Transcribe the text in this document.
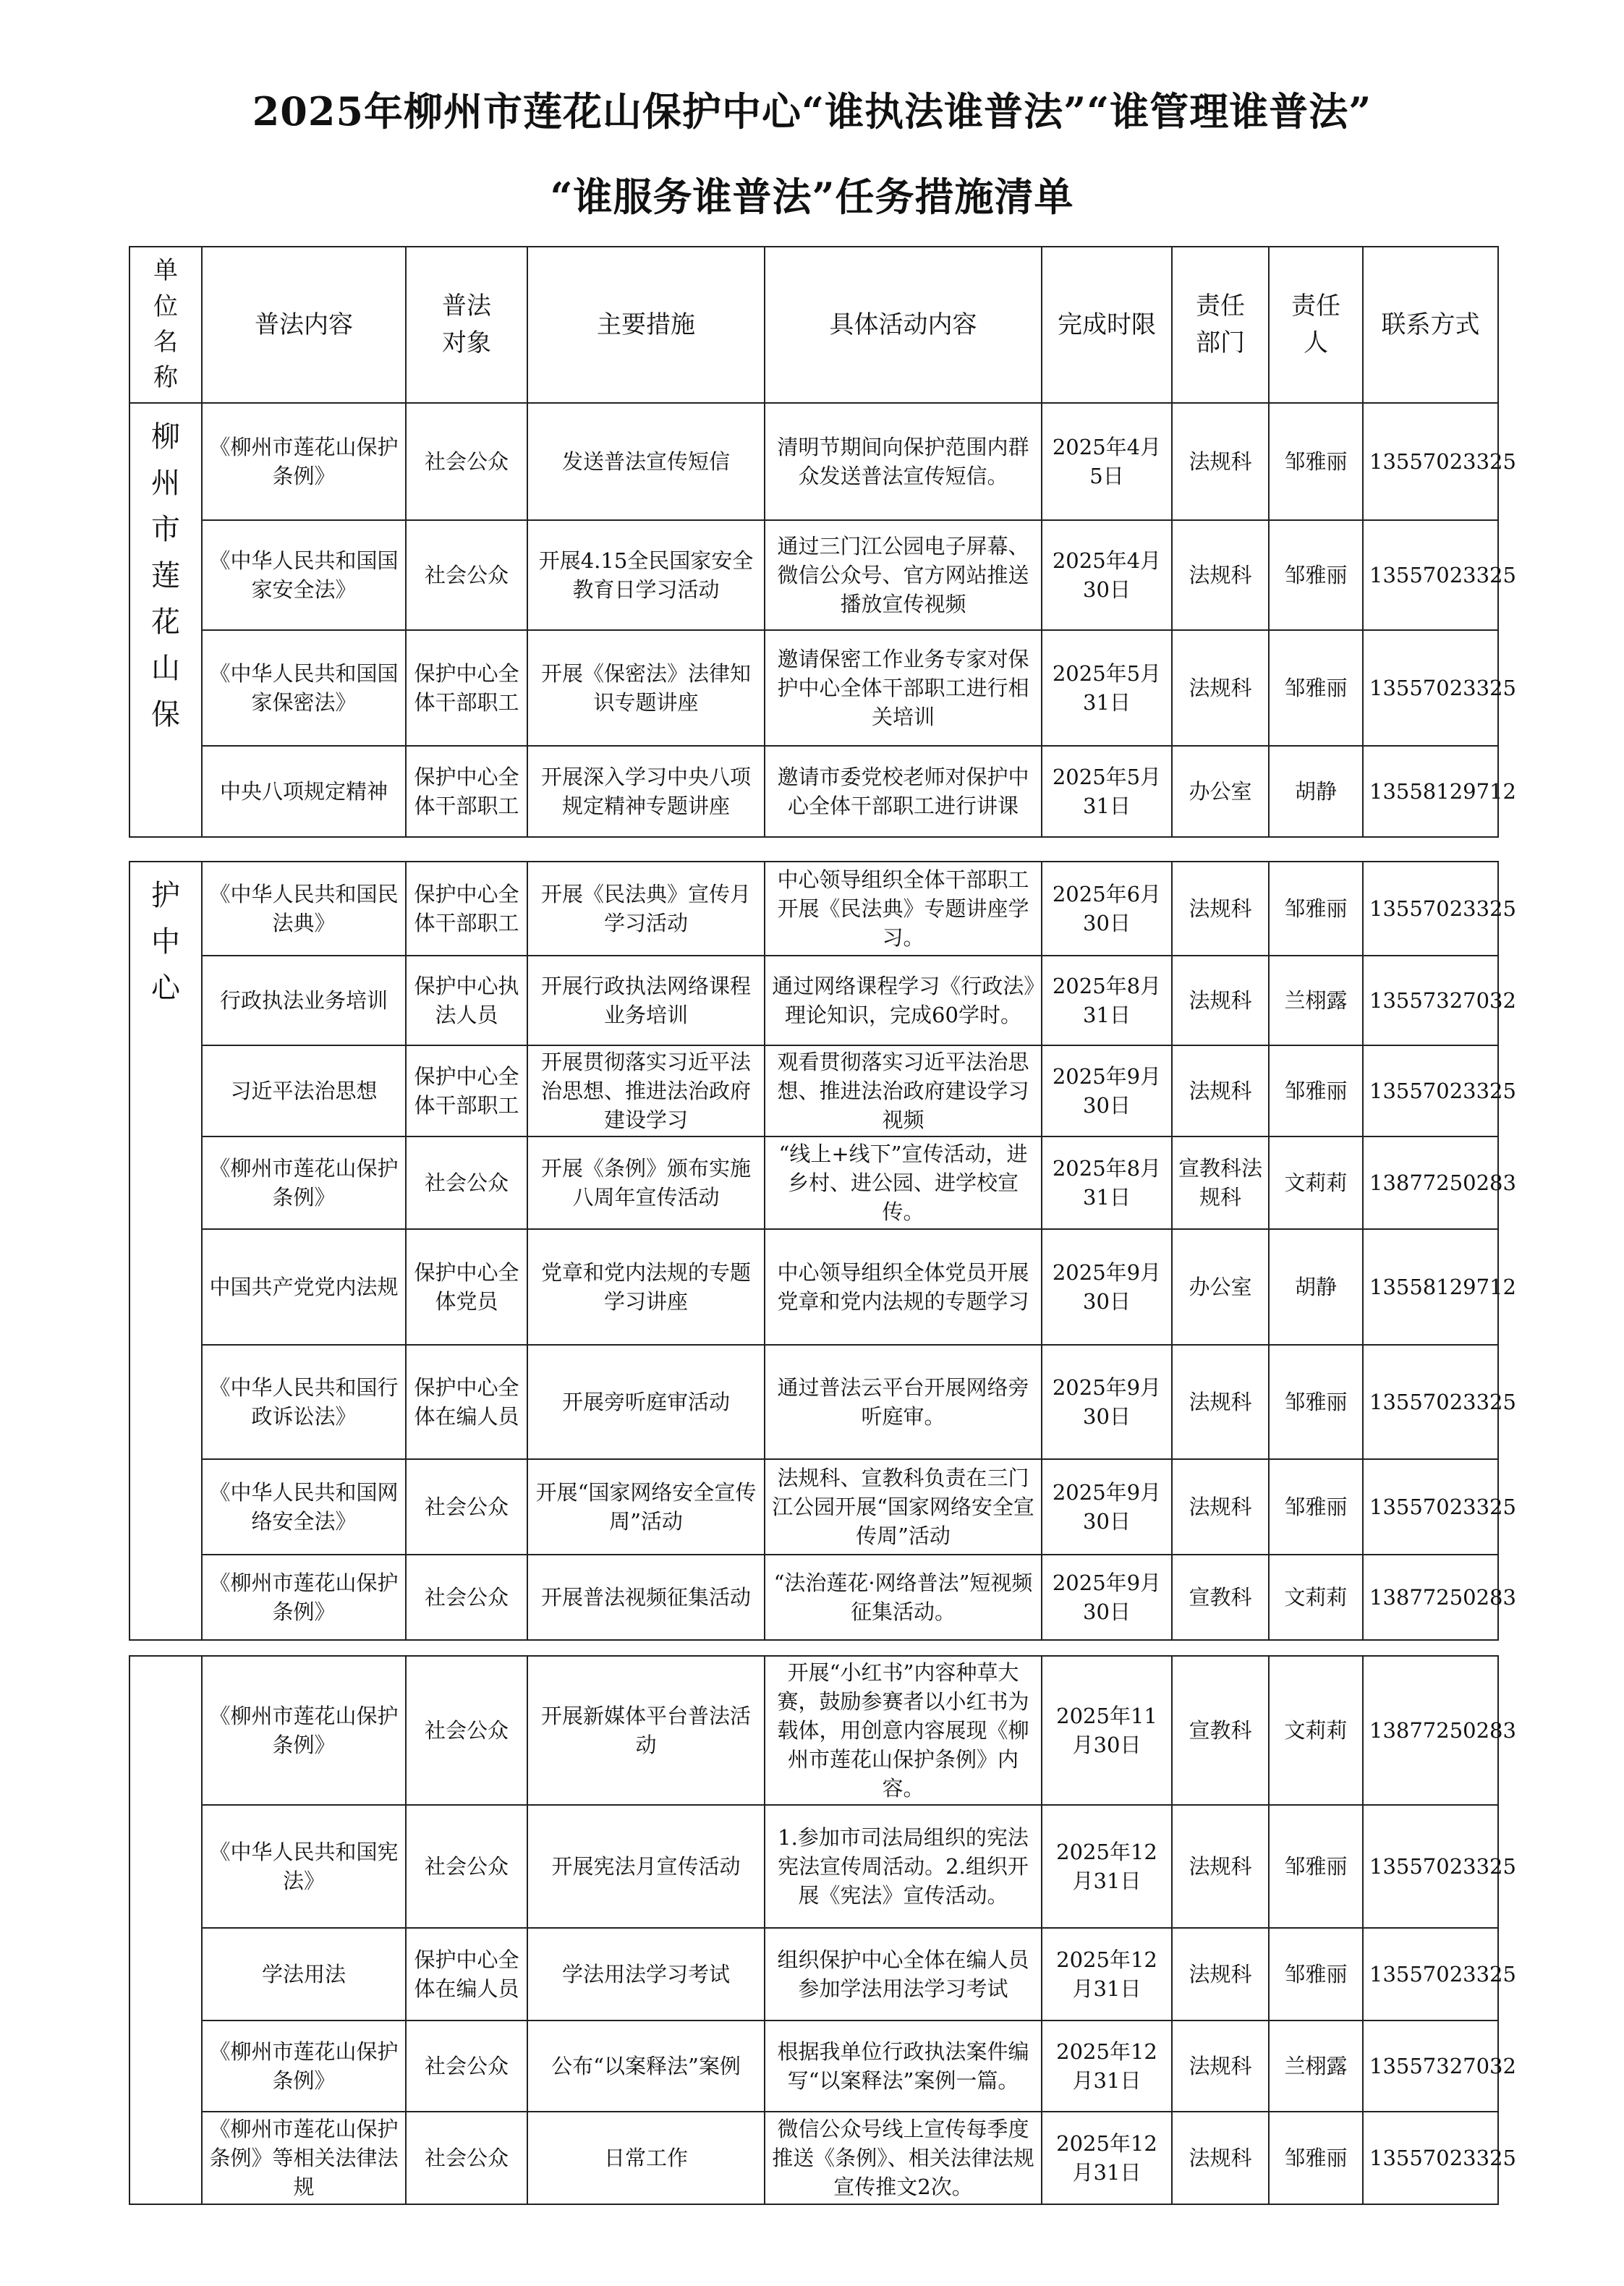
2025年柳州市莲花山保护中心“谁执法谁普法”“谁管理谁普法”
“谁服务谁普法”任务措施清单
单位名称	普法内容	普法对象	主要措施	具体活动内容	完成时限	责任部门	责任人	联系方式
柳州市莲花山保	《柳州市莲花山保护条例》	社会公众	发送普法宣传短信	清明节期间向保护范围内群众发送普法宣传短信。	2025年4月5日	法规科	邹雅丽	13557023325
	《中华人民共和国国家安全法》	社会公众	开展4.15全民国家安全教育日学习活动	通过三门江公园电子屏幕、微信公众号、官方网站推送播放宣传视频	2025年4月30日	法规科	邹雅丽	13557023325
	《中华人民共和国国家保密法》	保护中心全体干部职工	开展《保密法》法律知识专题讲座	邀请保密工作业务专家对保护中心全体干部职工进行相关培训	2025年5月31日	法规科	邹雅丽	13557023325
	中央八项规定精神	保护中心全体干部职工	开展深入学习中央八项规定精神专题讲座	邀请市委党校老师对保护中心全体干部职工进行讲课	2025年5月31日	办公室	胡静	13558129712
护中心	《中华人民共和国民法典》	保护中心全体干部职工	开展《民法典》宣传月学习活动	中心领导组织全体干部职工开展《民法典》专题讲座学习。	2025年6月30日	法规科	邹雅丽	13557023325
	行政执法业务培训	保护中心执法人员	开展行政执法网络课程业务培训	通过网络课程学习《行政法》理论知识，完成60学时。	2025年8月31日	法规科	兰栩露	13557327032
	习近平法治思想	保护中心全体干部职工	开展贯彻落实习近平法治思想、推进法治政府建设学习	观看贯彻落实习近平法治思想、推进法治政府建设学习视频	2025年9月30日	法规科	邹雅丽	13557023325
	《柳州市莲花山保护条例》	社会公众	开展《条例》颁布实施八周年宣传活动	“线上+线下”宣传活动，进乡村、进公园、进学校宣传。	2025年8月31日	宣教科法规科	文莉莉	13877250283
	中国共产党党内法规	保护中心全体党员	党章和党内法规的专题学习讲座	中心领导组织全体党员开展党章和党内法规的专题学习	2025年9月30日	办公室	胡静	13558129712
	《中华人民共和国行政诉讼法》	保护中心全体在编人员	开展旁听庭审活动	通过普法云平台开展网络旁听庭审。	2025年9月30日	法规科	邹雅丽	13557023325
	《中华人民共和国网络安全法》	社会公众	开展“国家网络安全宣传周”活动	法规科、宣教科负责在三门江公园开展“国家网络安全宣传周”活动	2025年9月30日	法规科	邹雅丽	13557023325
	《柳州市莲花山保护条例》	社会公众	开展普法视频征集活动	“法治莲花·网络普法”短视频征集活动。	2025年9月30日	宣教科	文莉莉	13877250283
	《柳州市莲花山保护条例》	社会公众	开展新媒体平台普法活动	开展“小红书”内容种草大赛，鼓励参赛者以小红书为载体，用创意内容展现《柳州市莲花山保护条例》内容。	2025年11月30日	宣教科	文莉莉	13877250283
	《中华人民共和国宪法》	社会公众	开展宪法月宣传活动	1.参加市司法局组织的宪法宪法宣传周活动。2.组织开展《宪法》宣传活动。	2025年12月31日	法规科	邹雅丽	13557023325
	学法用法	保护中心全体在编人员	学法用法学习考试	组织保护中心全体在编人员参加学法用法学习考试	2025年12月31日	法规科	邹雅丽	13557023325
	《柳州市莲花山保护条例》	社会公众	公布“以案释法”案例	根据我单位行政执法案件编写“以案释法”案例一篇。	2025年12月31日	法规科	兰栩露	13557327032
	《柳州市莲花山保护条例》等相关法律法规	社会公众	日常工作	微信公众号线上宣传每季度推送《条例》、相关法律法规宣传推文2次。	2025年12月31日	法规科	邹雅丽	13557023325
